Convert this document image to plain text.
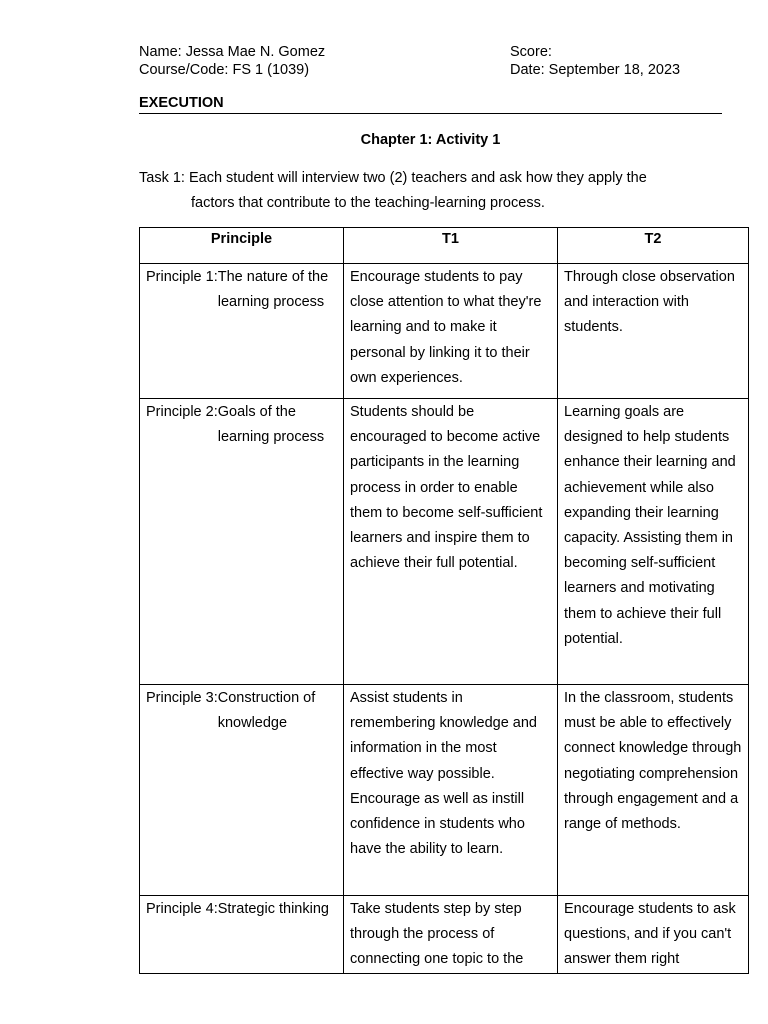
Name: Jessa Mae N. Gomez
Course/Code: FS 1 (1039)
Score:
Date: September 18, 2023
EXECUTION
Chapter 1: Activity 1
Task 1: Each student will interview two (2) teachers and ask how they apply the
factors that contribute to the teaching-learning process.
Principle	T1	T2

Principle 1: The nature of the learning process	Encourage students to pay close attention to what they're learning and to make it personal by linking it to their own experiences.	Through close observation and interaction with students.

Principle 2: Goals of the learning process	Students should be encouraged to become active participants in the learning process in order to enable them to become self-sufficient learners and inspire them to achieve their full potential.	Learning goals are designed to help students enhance their learning and achievement while also expanding their learning capacity. Assisting them in becoming self-sufficient learners and motivating them to achieve their full potential.

Principle 3: Construction of knowledge	Assist students in remembering knowledge and information in the most effective way possible. Encourage as well as instill confidence in students who have the ability to learn.	In the classroom, students must be able to effectively connect knowledge through negotiating comprehension through engagement and a range of methods.

Principle 4: Strategic thinking	Take students step by step through the process of connecting one topic to the	Encourage students to ask questions, and if you can't answer them right
